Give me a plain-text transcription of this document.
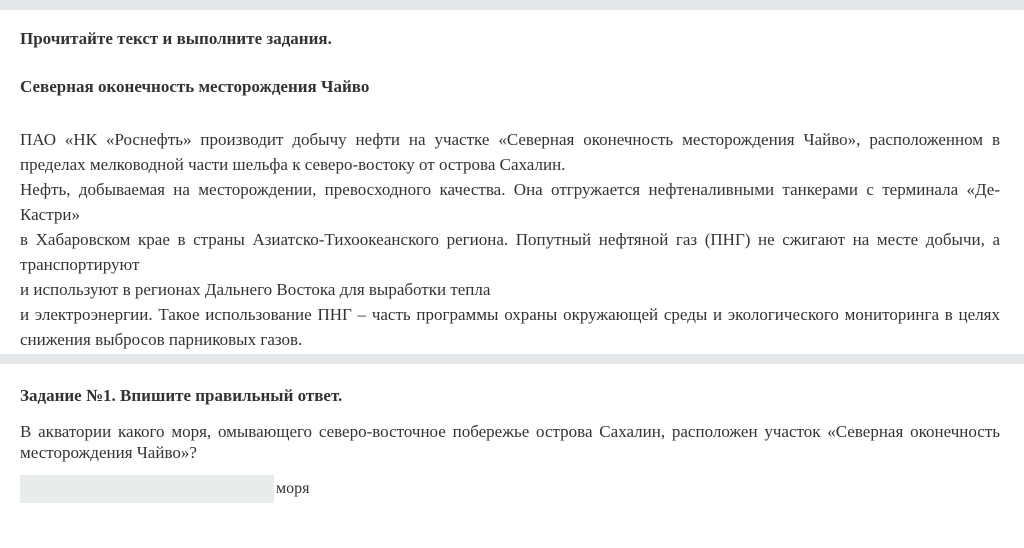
Прочитайте текст и выполните задания.

Северная оконечность месторождения Чайво

ПАО «НК «Роснефть» производит добычу нефти на участке «Северная оконечность месторождения Чайво», расположенном в пределах мелководной части шельфа к северо-востоку от острова Сахалин.

Нефть, добываемая на месторождении, превосходного качества. Она отгружается нефтеналивными танкерами с терминала «Де-Кастри»

в Хабаровском крае в страны Азиатско-Тихоокеанского региона. Попутный нефтяной газ (ПНГ) не сжигают на месте добычи, а транспортируют

и используют в регионах Дальнего Востока для выработки тепла

и электроэнергии. Такое использование ПНГ – часть программы охраны окружающей среды и экологического мониторинга в целях снижения выбросов парниковых газов.

Задание №1. Впишите правильный ответ.

В акватории какого моря, омывающего северо-восточное побережье острова Сахалин, расположен участок «Северная оконечность месторождения Чайво»?

моря
